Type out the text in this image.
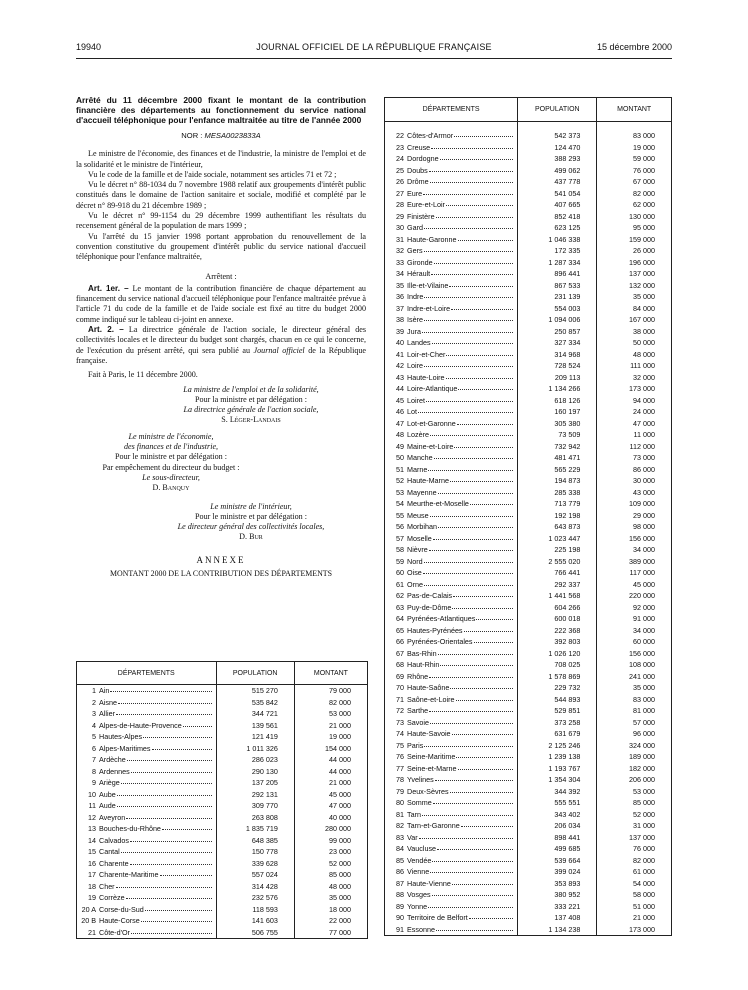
19940	JOURNAL OFFICIEL DE LA RÉPUBLIQUE FRANÇAISE	15 décembre 2000

Arrêté du 11 décembre 2000 fixant le montant de la contribution financière des départements au fonctionnement du service national d'accueil téléphonique pour l'enfance maltraitée au titre de l'année 2000

NOR : MESA0023833A

Le ministre de l'économie, des finances et de l'industrie, la ministre de l'emploi et de la solidarité et le ministre de l'intérieur,

Vu le code de la famille et de l'aide sociale, notamment ses articles 71 et 72 ;

Vu le décret n° 88-1034 du 7 novembre 1988 relatif aux groupements d'intérêt public constitués dans le domaine de l'action sanitaire et sociale, modifié et complété par le décret n° 89-918 du 21 décembre 1989 ;

Vu le décret n° 99-1154 du 29 décembre 1999 authentifiant les résultats du recensement général de la population de mars 1999 ;

Vu l'arrêté du 15 janvier 1998 portant approbation du renouvellement de la convention constitutive du groupement d'intérêt public du service national d'accueil téléphonique pour l'enfance maltraitée,

Arrêtent :

Art. 1er. – Le montant de la contribution financière de chaque département au financement du service national d'accueil téléphonique pour l'enfance maltraitée prévue à l'article 71 du code de la famille et de l'aide sociale est fixé au titre du budget 2000 comme indiqué sur le tableau ci-joint en annexe.

Art. 2. – La directrice générale de l'action sociale, le directeur général des collectivités locales et le directeur du budget sont chargés, chacun en ce qui le concerne, de l'exécution du présent arrêté, qui sera publié au Journal officiel de la République française.

Fait à Paris, le 11 décembre 2000.

La ministre de l'emploi et de la solidarité,

Pour la ministre et par délégation :

La directrice générale de l'action sociale,

S. Léger-Landais

Le ministre de l'économie,

des finances et de l'industrie,

Pour le ministre et par délégation :

Par empêchement du directeur du budget :

Le sous-directeur,

D. Banquy

Le ministre de l'intérieur,

Pour le ministre et par délégation :

Le directeur général des collectivités locales,

D. Bur

ANNEXE

MONTANT 2000 DE LA CONTRIBUTION DES DÉPARTEMENTS

DÉPARTEMENTS	POPULATION	MONTANT

1 Ain	515 270	79 000

2 Aisne	535 842	82 000

3 Allier	344 721	53 000

4 Alpes-de-Haute-Provence	139 561	21 000

5 Hautes-Alpes	121 419	19 000

6 Alpes-Maritimes	1 011 326	154 000

7 Ardèche	286 023	44 000

8 Ardennes	290 130	44 000

9 Ariège	137 205	21 000

10 Aube	292 131	45 000

11 Aude	309 770	47 000

12 Aveyron	263 808	40 000

13 Bouches-du-Rhône	1 835 719	280 000

14 Calvados	648 385	99 000

15 Cantal	150 778	23 000

16 Charente	339 628	52 000

17 Charente-Maritime	557 024	85 000

18 Cher	314 428	48 000

19 Corrèze	232 576	35 000

20 A Corse-du-Sud	118 593	18 000

20 B Haute-Corse	141 603	22 000

21 Côte-d'Or	506 755	77 000
DÉPARTEMENTS	POPULATION	MONTANT

22 Côtes-d'Armor	542 373	83 000

23 Creuse	124 470	19 000

24 Dordogne	388 293	59 000

25 Doubs	499 062	76 000

26 Drôme	437 778	67 000

27 Eure	541 054	82 000

28 Eure-et-Loir	407 665	62 000

29 Finistère	852 418	130 000

30 Gard	623 125	95 000

31 Haute-Garonne	1 046 338	159 000

32 Gers	172 335	26 000

33 Gironde	1 287 334	196 000

34 Hérault	896 441	137 000

35 Ille-et-Vilaine	867 533	132 000

36 Indre	231 139	35 000

37 Indre-et-Loire	554 003	84 000

38 Isère	1 094 006	167 000

39 Jura	250 857	38 000

40 Landes	327 334	50 000

41 Loir-et-Cher	314 968	48 000

42 Loire	728 524	111 000

43 Haute-Loire	209 113	32 000

44 Loire-Atlantique	1 134 266	173 000

45 Loiret	618 126	94 000

46 Lot	160 197	24 000

47 Lot-et-Garonne	305 380	47 000

48 Lozère	73 509	11 000

49 Maine-et-Loire	732 942	112 000

50 Manche	481 471	73 000

51 Marne	565 229	86 000

52 Haute-Marne	194 873	30 000

53 Mayenne	285 338	43 000

54 Meurthe-et-Moselle	713 779	109 000

55 Meuse	192 198	29 000

56 Morbihan	643 873	98 000

57 Moselle	1 023 447	156 000

58 Nièvre	225 198	34 000

59 Nord	2 555 020	389 000

60 Oise	766 441	117 000

61 Orne	292 337	45 000

62 Pas-de-Calais	1 441 568	220 000

63 Puy-de-Dôme	604 266	92 000

64 Pyrénées-Atlantiques	600 018	91 000

65 Hautes-Pyrénées	222 368	34 000

66 Pyrénées-Orientales	392 803	60 000

67 Bas-Rhin	1 026 120	156 000

68 Haut-Rhin	708 025	108 000

69 Rhône	1 578 869	241 000

70 Haute-Saône	229 732	35 000

71 Saône-et-Loire	544 893	83 000

72 Sarthe	529 851	81 000

73 Savoie	373 258	57 000

74 Haute-Savoie	631 679	96 000

75 Paris	2 125 246	324 000

76 Seine-Maritime	1 239 138	189 000

77 Seine-et-Marne	1 193 767	182 000

78 Yvelines	1 354 304	206 000

79 Deux-Sèvres	344 392	53 000

80 Somme	555 551	85 000

81 Tarn	343 402	52 000

82 Tarn-et-Garonne	206 034	31 000

83 Var	898 441	137 000

84 Vaucluse	499 685	76 000

85 Vendée	539 664	82 000

86 Vienne	399 024	61 000

87 Haute-Vienne	353 893	54 000

88 Vosges	380 952	58 000

89 Yonne	333 221	51 000

90 Territoire de Belfort	137 408	21 000

91 Essonne	1 134 238	173 000
